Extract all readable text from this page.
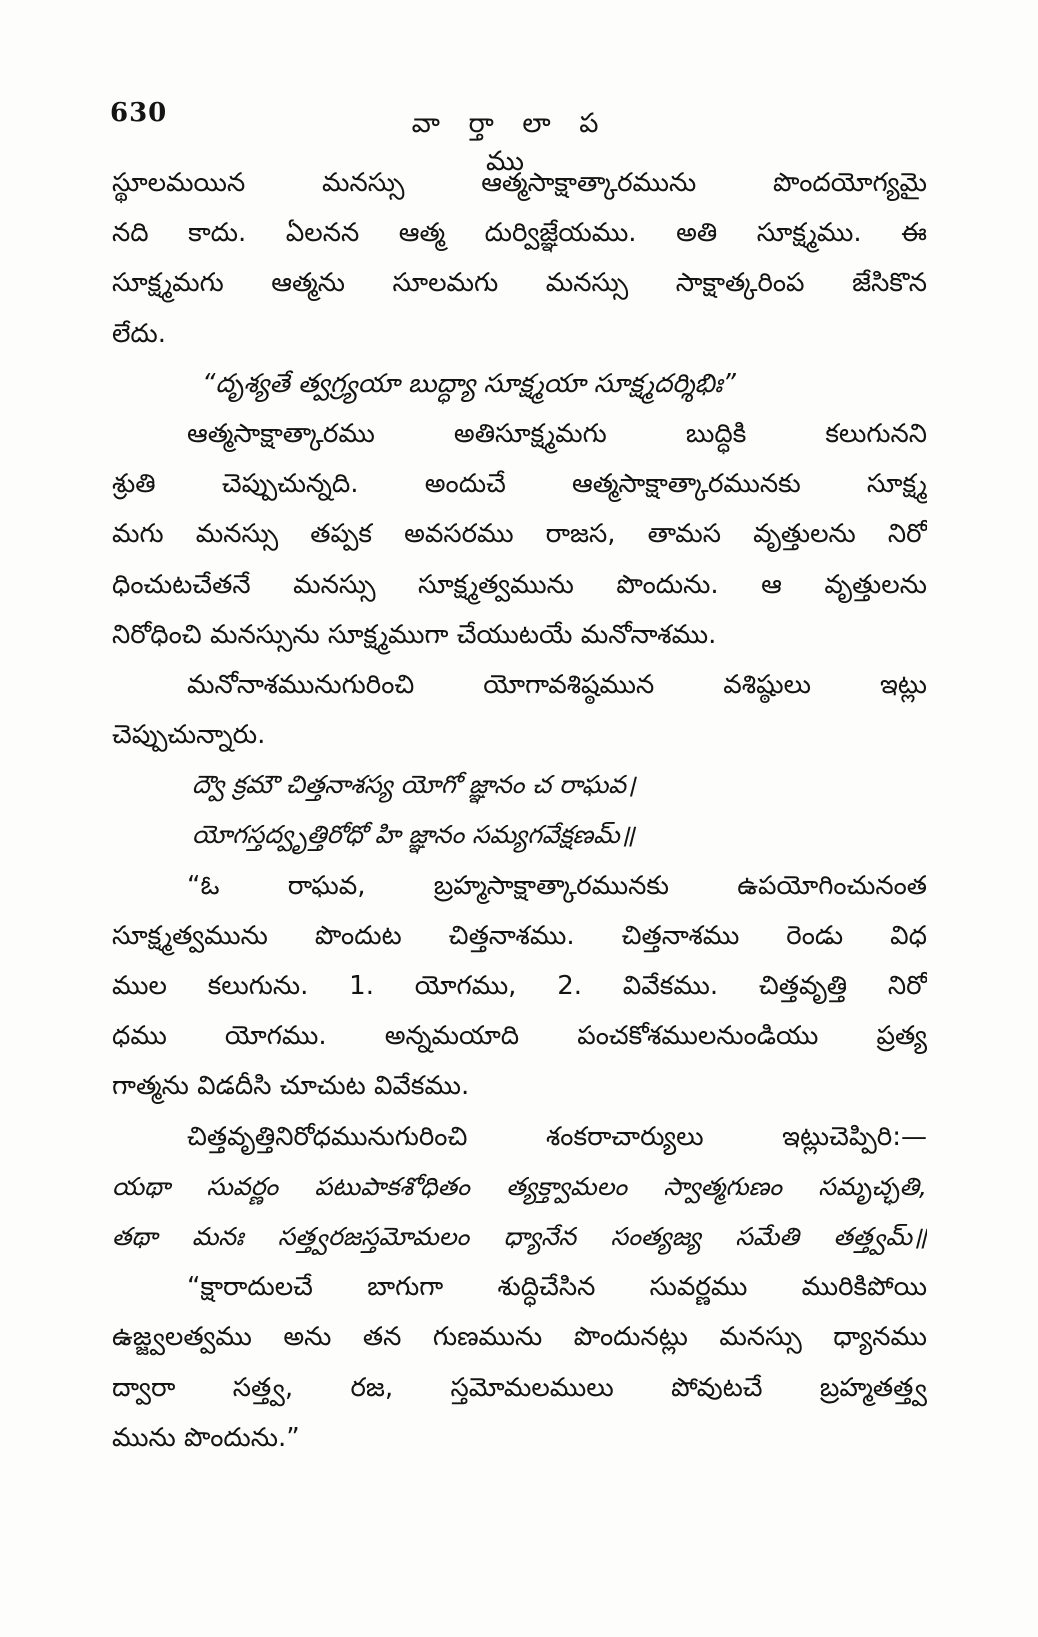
630	వా ర్తా లా ప ము
స్థూలమయిన మనస్సు ఆత్మసాక్షాత్కారమును పొందయోగ్యమై
నది కాదు. ఏలనన ఆత్మ దుర్విజ్ఞేయము. అతి సూక్ష్మము. ఈ
సూక్ష్మమగు ఆత్మను సూలమగు మనస్సు సాక్షాత్కరింప జేసికొన
లేదు.
“దృశ్యతే త్వగ్ర్యయా బుద్ధ్యా సూక్ష్మయా సూక్ష్మదర్శిభిః”
ఆత్మసాక్షాత్కారము అతిసూక్ష్మమగు బుద్ధికి కలుగునని
శ్రుతి చెప్పుచున్నది. అందుచే ఆత్మసాక్షాత్కారమునకు సూక్ష్మ
మగు మనస్సు తప్పక అవసరము రాజస, తామస వృత్తులను నిరో
ధించుటచేతనే మనస్సు సూక్ష్మత్వమును పొందును. ఆ వృత్తులను
నిరోధించి మనస్సును సూక్ష్మముగా చేయుటయే మనోనాశము.
మనోనాశమునుగురించి యోగావశిష్ఠమున వశిష్ఠులు ఇట్లు
చెప్పుచున్నారు.
ద్వౌ క్రమౌ చిత్తనాశస్య యోగో జ్ఞానం చ రాఘవ।
యోగస్తద్వృత్తిరోధో హి జ్ఞానం సమ్యగవేక్షణమ్॥
“ఓ రాఘవ, బ్రహ్మసాక్షాత్కారమునకు ఉపయోగించునంత
సూక్ష్మత్వమును పొందుట చిత్తనాశము. చిత్తనాశము రెండు విధ
ముల కలుగును. 1. యోగము, 2. వివేకము. చిత్తవృత్తి నిరో
ధము యోగము. అన్నమయాది పంచకోశములనుండియు ప్రత్య
గాత్మను విడదీసి చూచుట వివేకము.
చిత్తవృత్తినిరోధమునుగురించి శంకరాచార్యులు ఇట్లుచెప్పిరి:—
యథా సువర్ణం పటుపాకశోధితం త్యక్త్వామలం స్వాత్మగుణం సమృచ్ఛతి,
తథా మనః సత్త్వరజస్తమోమలం ధ్యానేన సంత్యజ్య సమేతి తత్త్వమ్॥
“క్షారాదులచే బాగుగా శుద్ధిచేసిన సువర్ణము మురికిపోయి
ఉజ్జ్వలత్వము అను తన గుణమును పొందునట్లు మనస్సు ధ్యానము
ద్వారా సత్త్వ, రజ, స్తమోమలములు పోవుటచే బ్రహ్మతత్త్వ
మును పొందును.”
